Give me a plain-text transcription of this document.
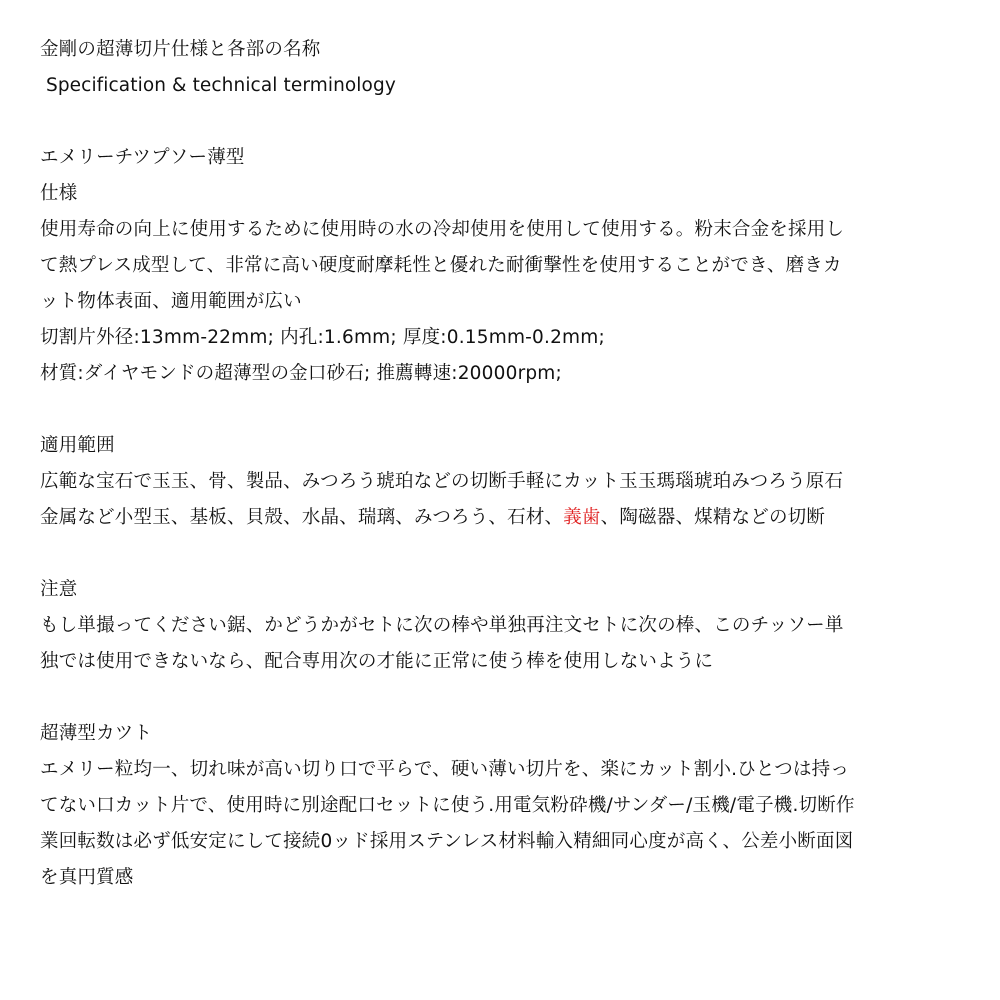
金剛の超薄切片仕様と各部の名称
Specification & technical terminology
エメリーチツプソー薄型
仕様
使用寿命の向上に使用するために使用時の水の冷却使用を使用して使用する。粉末合金を採用し
て熱プレス成型して、非常に高い硬度耐摩耗性と優れた耐衝撃性を使用することができ、磨きカ
ット物体表面、適用範囲が広い
切割片外径:13mm-22mm; 内孔:1.6mm; 厚度:0.15mm-0.2mm;
材質:ダイヤモンドの超薄型の金口砂石; 推薦轉速:20000rpm;
適用範囲
広範な宝石で玉玉、骨、製品、みつろう琥珀などの切断手軽にカット玉玉瑪瑙琥珀みつろう原石
金属など小型玉、基板、貝殻、水晶、瑞璃、みつろう、石材、義歯、陶磁器、煤精などの切断
注意
もし単撮ってください鋸、かどうかがセトに次の棒や単独再注文セトに次の棒、このチッソー単
独では使用できないなら、配合専用次の才能に正常に使う棒を使用しないように
超薄型カツト
エメリー粒均一、切れ味が高い切り口で平らで、硬い薄い切片を、楽にカット割小.ひとつは持っ
てない口カット片で、使用時に別途配口セットに使う.用電気粉砕機/サンダー/玉機/電子機.切断作
業回転数は必ず低安定にして接続0ッド採用ステンレス材料輸入精細同心度が高く、公差小断面図
を真円質感
